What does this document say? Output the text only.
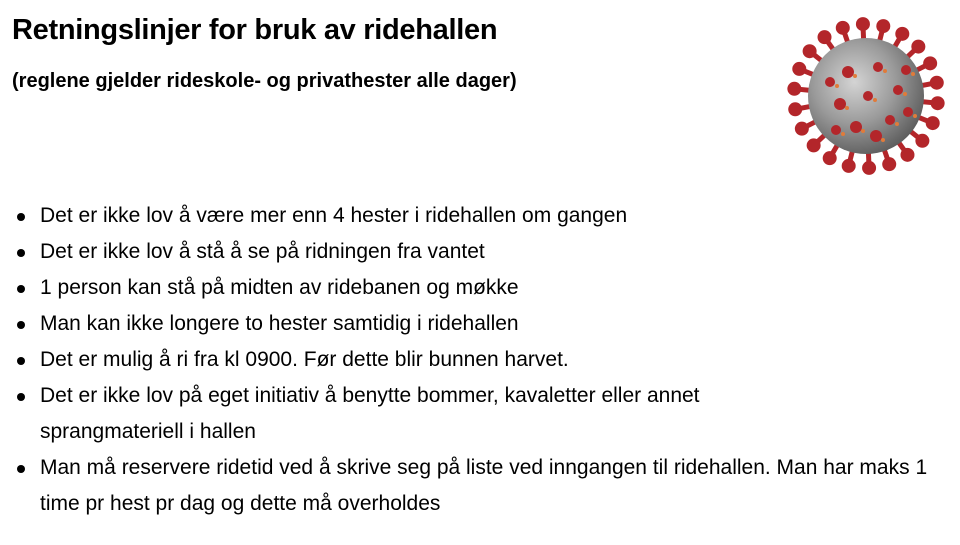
Retningslinjer for bruk av ridehallen
(reglene gjelder rideskole- og privathester alle dager)
Det er ikke lov å være mer enn 4 hester i ridehallen om gangen
Det er ikke lov å stå å se på ridningen fra vantet
1 person kan stå på midten av ridebanen og møkke
Man kan ikke longere to hester samtidig i ridehallen
Det er mulig å ri fra kl 0900. Før dette blir bunnen harvet.
Det er ikke lov på eget initiativ å benytte bommer, kavaletter eller annet sprangmateriell i hallen
Man må reservere ridetid ved å skrive seg på liste ved inngangen til ridehallen. Man har maks 1 time pr hest pr dag og dette må overholdes
